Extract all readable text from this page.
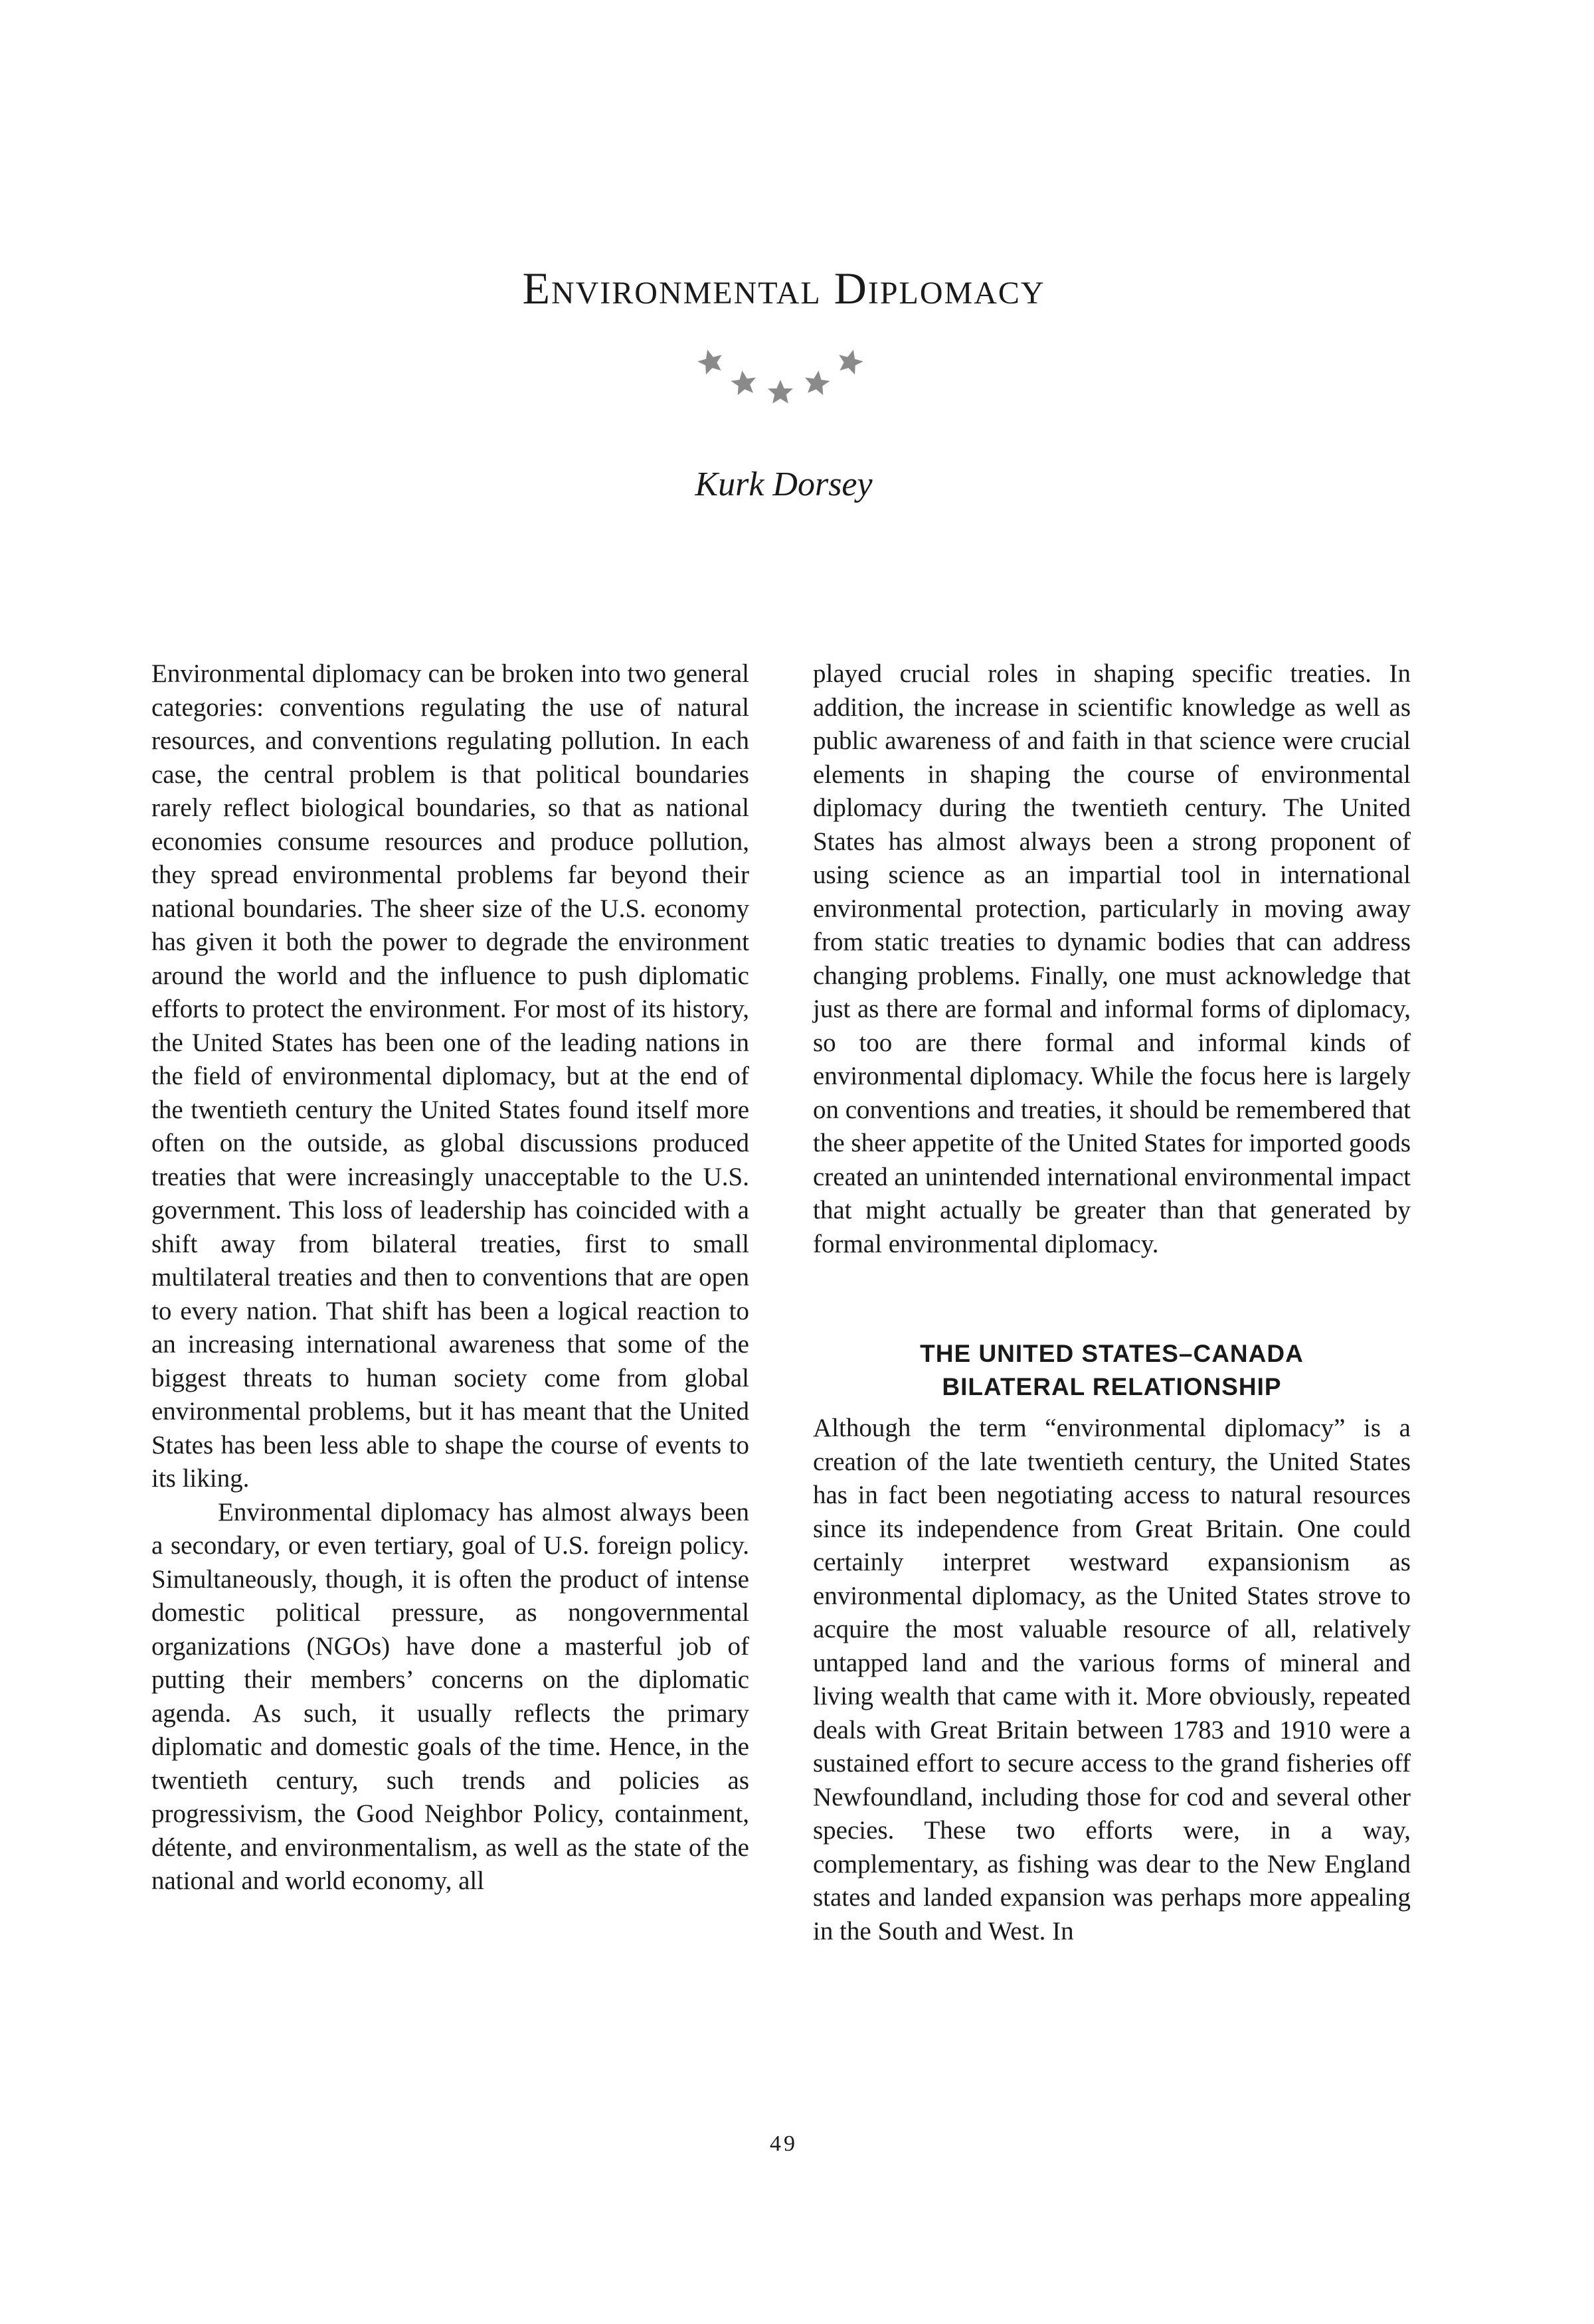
Environmental Diplomacy

Kurk Dorsey

Environmental diplomacy can be broken into two general categories: conventions regulating the use of natural resources, and conventions regulating pollution. In each case, the central problem is that political boundaries rarely reflect biological boundaries, so that as national economies consume resources and produce pollution, they spread environmental problems far beyond their national boundaries. The sheer size of the U.S. economy has given it both the power to degrade the environment around the world and the influence to push diplomatic efforts to protect the environment. For most of its history, the United States has been one of the leading nations in the field of environmental diplomacy, but at the end of the twentieth century the United States found itself more often on the outside, as global discussions produced treaties that were increasingly unacceptable to the U.S. government. This loss of leadership has coincided with a shift away from bilateral treaties, first to small multilateral treaties and then to conventions that are open to every nation. That shift has been a logical reaction to an increasing international awareness that some of the biggest threats to human society come from global environmental problems, but it has meant that the United States has been less able to shape the course of events to its liking.

Environmental diplomacy has almost always been a secondary, or even tertiary, goal of U.S. foreign policy. Simultaneously, though, it is often the product of intense domestic political pressure, as nongovernmental organizations (NGOs) have done a masterful job of putting their members’ concerns on the diplomatic agenda. As such, it usually reflects the primary diplomatic and domestic goals of the time. Hence, in the twentieth century, such trends and policies as progressivism, the Good Neighbor Policy, containment, détente, and environmentalism, as well as the state of the national and world economy, all

played crucial roles in shaping specific treaties. In addition, the increase in scientific knowledge as well as public awareness of and faith in that science were crucial elements in shaping the course of environmental diplomacy during the twentieth century. The United States has almost always been a strong proponent of using science as an impartial tool in international environmental protection, particularly in moving away from static treaties to dynamic bodies that can address changing problems. Finally, one must acknowledge that just as there are formal and informal forms of diplomacy, so too are there formal and informal kinds of environmental diplomacy. While the focus here is largely on conventions and treaties, it should be remembered that the sheer appetite of the United States for imported goods created an unintended international environmental impact that might actually be greater than that generated by formal environmental diplomacy.

THE UNITED STATES–CANADA
BILATERAL RELATIONSHIP

Although the term “environmental diplomacy” is a creation of the late twentieth century, the United States has in fact been negotiating access to natural resources since its independence from Great Britain. One could certainly interpret westward expansionism as environmental diplomacy, as the United States strove to acquire the most valuable resource of all, relatively untapped land and the various forms of mineral and living wealth that came with it. More obviously, repeated deals with Great Britain between 1783 and 1910 were a sustained effort to secure access to the grand fisheries off Newfoundland, including those for cod and several other species. These two efforts were, in a way, complementary, as fishing was dear to the New England states and landed expansion was perhaps more appealing in the South and West. In

49
